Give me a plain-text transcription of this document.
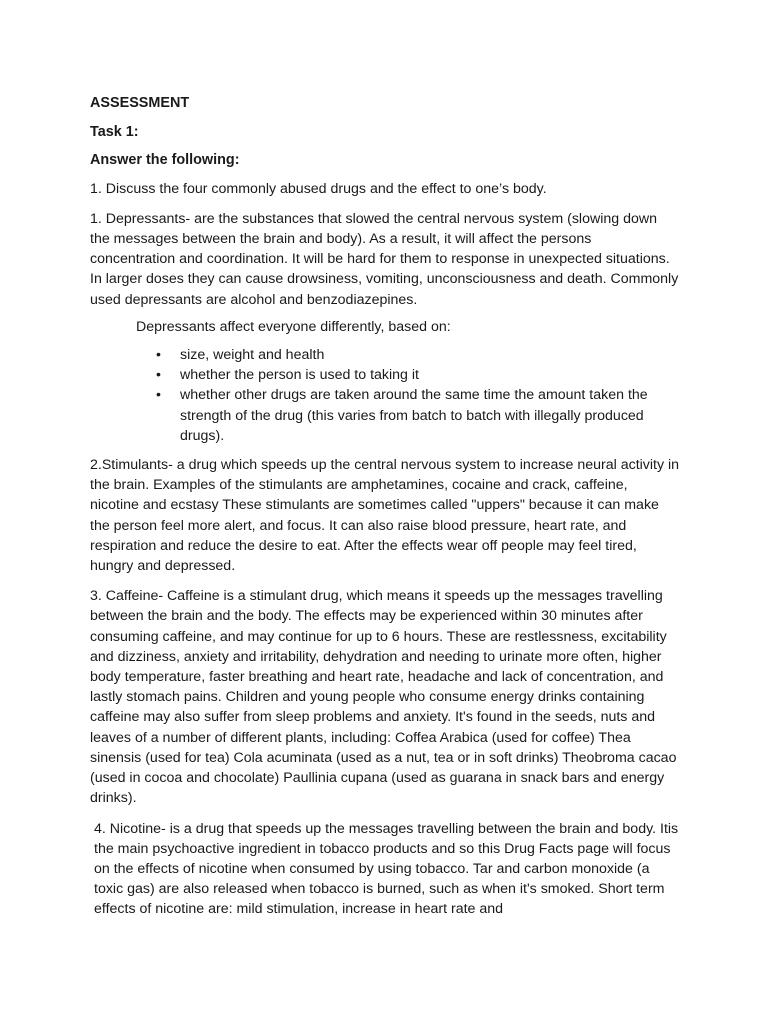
ASSESSMENT
Task 1:
Answer the following:

1. Discuss the four commonly abused drugs and the effect to one’s body.

1. Depressants- are the substances that slowed the central nervous system (slowing down the messages between the brain and body). As a result, it will affect the persons concentration and coordination. It will be hard for them to response in unexpected situations. In larger doses they can cause drowsiness, vomiting, unconsciousness and death. Commonly used depressants are alcohol and benzodiazepines.

Depressants affect everyone differently, based on:

• size, weight and health
• whether the person is used to taking it
• whether other drugs are taken around the same time the amount taken the strength of the drug (this varies from batch to batch with illegally produced drugs).

2.Stimulants- a drug which speeds up the central nervous system to increase neural activity in the brain. Examples of the stimulants are amphetamines, cocaine and crack, caffeine, nicotine and ecstasy These stimulants are sometimes called "uppers" because it can make the person feel more alert, and focus. It can also raise blood pressure, heart rate, and respiration and reduce the desire to eat. After the effects wear off people may feel tired, hungry and depressed.

3. Caffeine- Caffeine is a stimulant drug, which means it speeds up the messages travelling between the brain and the body. The effects may be experienced within 30 minutes after consuming caffeine, and may continue for up to 6 hours. These are restlessness, excitability and dizziness, anxiety and irritability, dehydration and needing to urinate more often, higher body temperature, faster breathing and heart rate, headache and lack of concentration, and lastly stomach pains. Children and young people who consume energy drinks containing caffeine may also suffer from sleep problems and anxiety. It's found in the seeds, nuts and leaves of a number of different plants, including: Coffea Arabica (used for coffee) Thea sinensis (used for tea) Cola acuminata (used as a nut, tea or in soft drinks) Theobroma cacao (used in cocoa and chocolate) Paullinia cupana (used as guarana in snack bars and energy drinks).

4. Nicotine- is a drug that speeds up the messages travelling between the brain and body. Itis the main psychoactive ingredient in tobacco products and so this Drug Facts page will focus on the effects of nicotine when consumed by using tobacco. Tar and carbon monoxide (a toxic gas) are also released when tobacco is burned, such as when it's smoked. Short term effects of nicotine are: mild stimulation, increase in heart rate and
